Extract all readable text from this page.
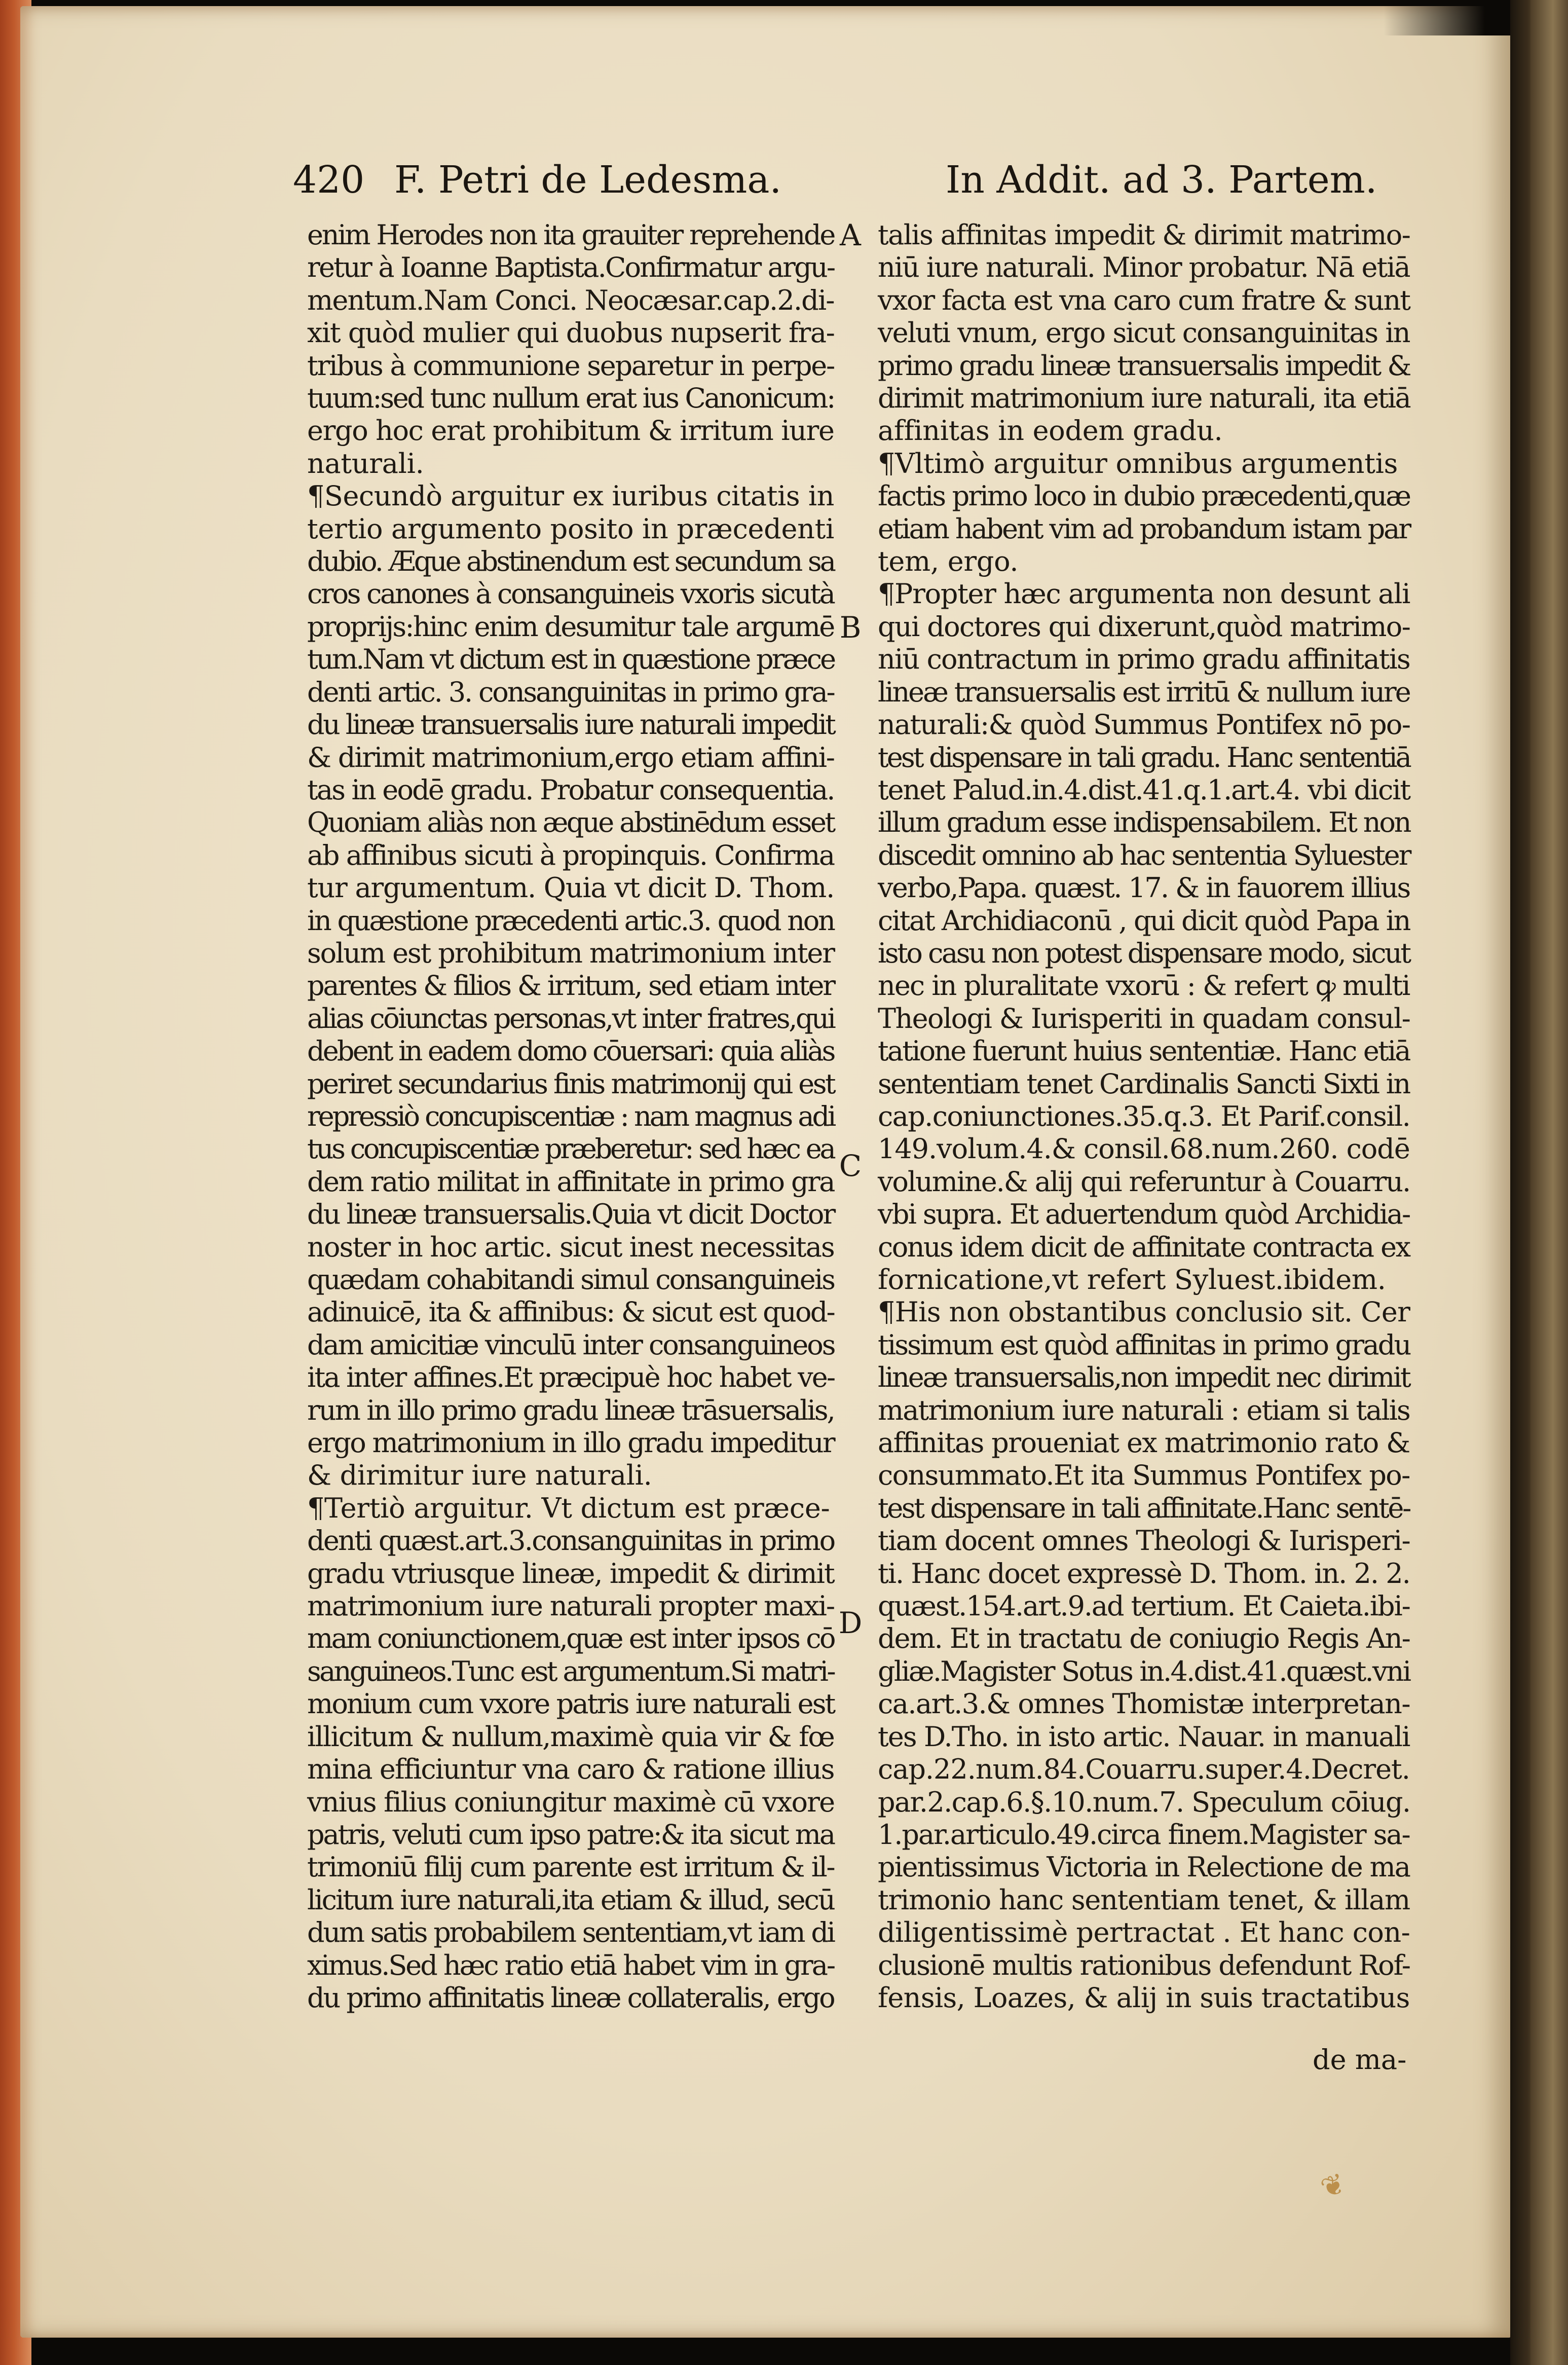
420 F. Petri de Ledesma.	In Addit. ad 3. Partem.
enim Herodes non ita grauiter reprehende
retur à Ioanne Baptista.Confirmatur argu-
mentum.Nam Conci. Neocæsar.cap.2.di-
xit quòd mulier qui duobus nupserit fra-
tribus à communione separetur in perpe-
tuum:sed tunc nullum erat ius Canonicum:
ergo hoc erat prohibitum & irritum iure
naturali.
¶Secundò arguitur ex iuribus citatis in
tertio argumento posito in præcedenti
dubio. Æque abstinendum est secundum sa
cros canones à consanguineis vxoris sicutà
proprijs:hinc enim desumitur tale argumē
tum.Nam vt dictum est in quæstione præce
denti artic. 3. consanguinitas in primo gra-
du lineæ transuersalis iure naturali impedit
& dirimit matrimonium,ergo etiam affini-
tas in eodē gradu. Probatur consequentia.
Quoniam aliàs non æque abstinēdum esset
ab affinibus sicuti à propinquis. Confirma
tur argumentum. Quia vt dicit D. Thom.
in quæstione præcedenti artic.3. quod non
solum est prohibitum matrimonium inter
parentes & filios & irritum, sed etiam inter
alias cōiunctas personas,vt inter fratres,qui
debent in eadem domo cōuersari: quia aliàs
periret secundarius finis matrimonij qui est
repressiò concupiscentiæ : nam magnus adi
tus concupiscentiæ præberetur: sed hæc ea
dem ratio militat in affinitate in primo gra
du lineæ transuersalis.Quia vt dicit Doctor
noster in hoc artic. sicut inest necessitas
quædam cohabitandi simul consanguineis
adinuicē, ita & affinibus: & sicut est quod-
dam amicitiæ vinculū inter consanguineos
ita inter affines.Et præcipuè hoc habet ve-
rum in illo primo gradu lineæ trāsuersalis,
ergo matrimonium in illo gradu impeditur
& dirimitur iure naturali.
¶Tertiò arguitur. Vt dictum est præce-
denti quæst.art.3.consanguinitas in primo
gradu vtriusque lineæ, impedit & dirimit
matrimonium iure naturali propter maxi-
mam coniunctionem,quæ est inter ipsos cō
sanguineos.Tunc est argumentum.Si matri-
monium cum vxore patris iure naturali est
illicitum & nullum,maximè quia vir & fœ
mina efficiuntur vna caro & ratione illius
vnius filius coniungitur maximè cū vxore
patris, veluti cum ipso patre:& ita sicut ma
trimoniū filij cum parente est irritum & il-
licitum iure naturali,ita etiam & illud, secū
dum satis probabilem sententiam,vt iam di
ximus.Sed hæc ratio etiā habet vim in gra-
du primo affinitatis lineæ collateralis, ergo
talis affinitas impedit & dirimit matrimo-
niū iure naturali. Minor probatur. Nā etiā
vxor facta est vna caro cum fratre & sunt
veluti vnum, ergo sicut consanguinitas in
primo gradu lineæ transuersalis impedit &
dirimit matrimonium iure naturali, ita etiā
affinitas in eodem gradu.
¶Vltimò arguitur omnibus argumentis
factis primo loco in dubio præcedenti,quæ
etiam habent vim ad probandum istam par
tem, ergo.
¶Propter hæc argumenta non desunt ali
qui doctores qui dixerunt,quòd matrimo-
niū contractum in primo gradu affinitatis
lineæ transuersalis est irritū & nullum iure
naturali:& quòd Summus Pontifex nō po-
test dispensare in tali gradu. Hanc sententiā
tenet Palud.in.4.dist.41.q.1.art.4. vbi dicit
illum gradum esse indispensabilem. Et non
discedit omnino ab hac sententia Syluester
verbo,Papa. quæst. 17. & in fauorem illius
citat Archidiaconū , qui dicit quòd Papa in
isto casu non potest dispensare modo, sicut
nec in pluralitate vxorū : & refert ꝙ multi
Theologi & Iurisperiti in quadam consul-
tatione fuerunt huius sententiæ. Hanc etiā
sententiam tenet Cardinalis Sancti Sixti in
cap.coniunctiones.35.q.3. Et Parif.consil.
149.volum.4.& consil.68.num.260. codē
volumine.& alij qui referuntur à Couarru.
vbi supra. Et aduertendum quòd Archidia-
conus idem dicit de affinitate contracta ex
fornicatione,vt refert Syluest.ibidem.
¶His non obstantibus conclusio sit. Cer
tissimum est quòd affinitas in primo gradu
lineæ transuersalis,non impedit nec dirimit
matrimonium iure naturali : etiam si talis
affinitas proueniat ex matrimonio rato &
consummato.Et ita Summus Pontifex po-
test dispensare in tali affinitate.Hanc sentē-
tiam docent omnes Theologi & Iurisperi-
ti. Hanc docet expressè D. Thom. in. 2. 2.
quæst.154.art.9.ad tertium. Et Caieta.ibi-
dem. Et in tractatu de coniugio Regis An-
gliæ.Magister Sotus in.4.dist.41.quæst.vni
ca.art.3.& omnes Thomistæ interpretan-
tes D.Tho. in isto artic. Nauar. in manuali
cap.22.num.84.Couarru.super.4.Decret.
par.2.cap.6.§.10.num.7. Speculum cōiug.
1.par.articulo.49.circa finem.Magister sa-
pientissimus Victoria in Relectione de ma
trimonio hanc sententiam tenet, & illam
diligentissimè pertractat . Et hanc con-
clusionē multis rationibus defendunt Rof-
fensis, Loazes, & alij in suis tractatibus
A
B
C
D
de ma-
❦
